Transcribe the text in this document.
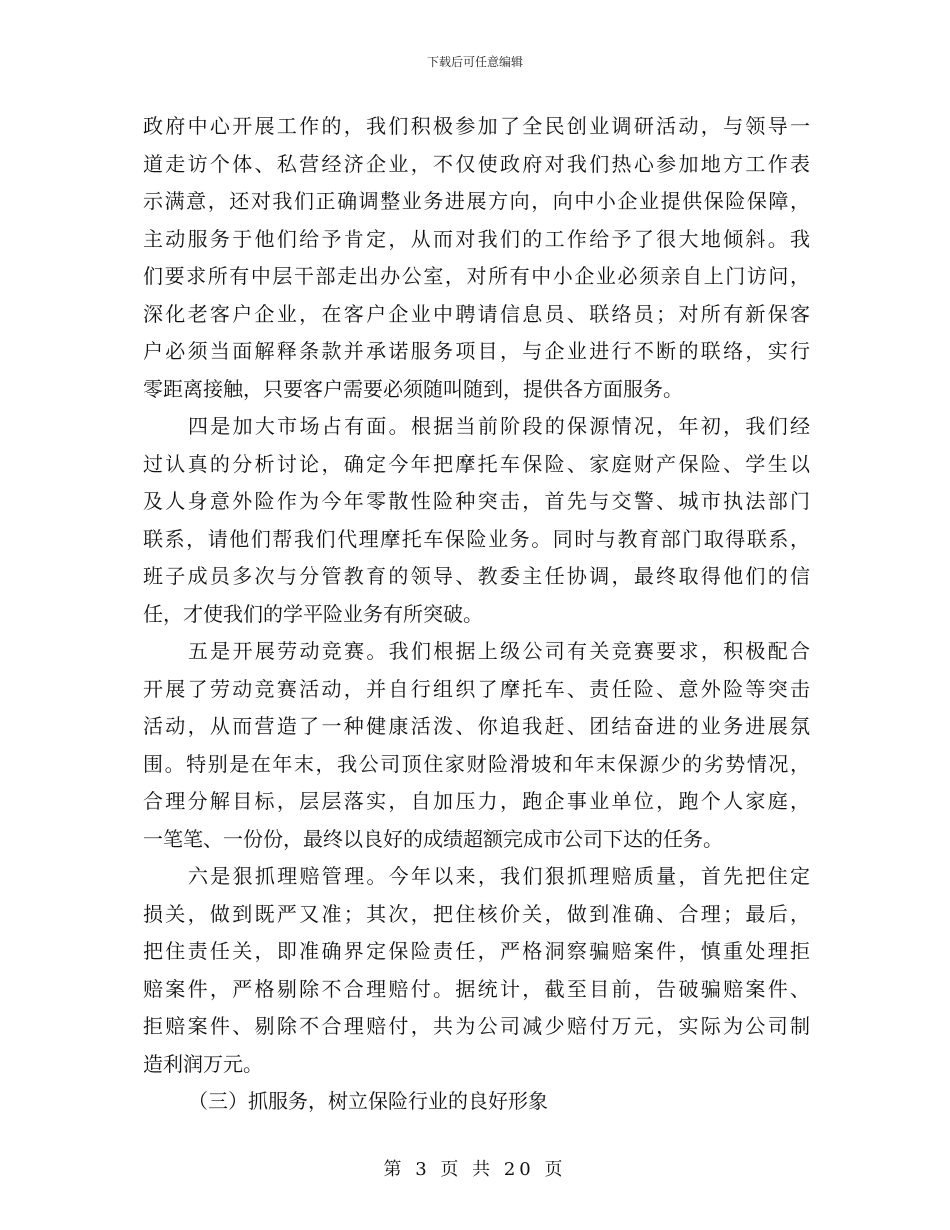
下载后可任意编辑
政府中心开展工作的，我们积极参加了全民创业调研活动，与领导一
道走访个体、私营经济企业，不仅使政府对我们热心参加地方工作表
示满意，还对我们正确调整业务进展方向，向中小企业提供保险保障，
主动服务于他们给予肯定，从而对我们的工作给予了很大地倾斜。我
们要求所有中层干部走出办公室，对所有中小企业必须亲自上门访问，
深化老客户企业，在客户企业中聘请信息员、联络员；对所有新保客
户必须当面解释条款并承诺服务项目，与企业进行不断的联络，实行
零距离接触，只要客户需要必须随叫随到，提供各方面服务。
四是加大市场占有面。根据当前阶段的保源情况，年初，我们经
过认真的分析讨论，确定今年把摩托车保险、家庭财产保险、学生以
及人身意外险作为今年零散性险种突击，首先与交警、城市执法部门
联系，请他们帮我们代理摩托车保险业务。同时与教育部门取得联系，
班子成员多次与分管教育的领导、教委主任协调，最终取得他们的信
任，才使我们的学平险业务有所突破。
五是开展劳动竞赛。我们根据上级公司有关竞赛要求，积极配合
开展了劳动竞赛活动，并自行组织了摩托车、责任险、意外险等突击
活动，从而营造了一种健康活泼、你追我赶、团结奋进的业务进展氛
围。特别是在年末，我公司顶住家财险滑坡和年末保源少的劣势情况，
合理分解目标，层层落实，自加压力，跑企事业单位，跑个人家庭，
一笔笔、一份份，最终以良好的成绩超额完成市公司下达的任务。
六是狠抓理赔管理。今年以来，我们狠抓理赔质量，首先把住定
损关，做到既严又准；其次，把住核价关，做到准确、合理；最后，
把住责任关，即准确界定保险责任，严格洞察骗赔案件，慎重处理拒
赔案件，严格剔除不合理赔付。据统计，截至目前，告破骗赔案件、
拒赔案件、剔除不合理赔付，共为公司减少赔付万元，实际为公司制
造利润万元。
（三）抓服务，树立保险行业的良好形象
第 3 页 共 20 页
